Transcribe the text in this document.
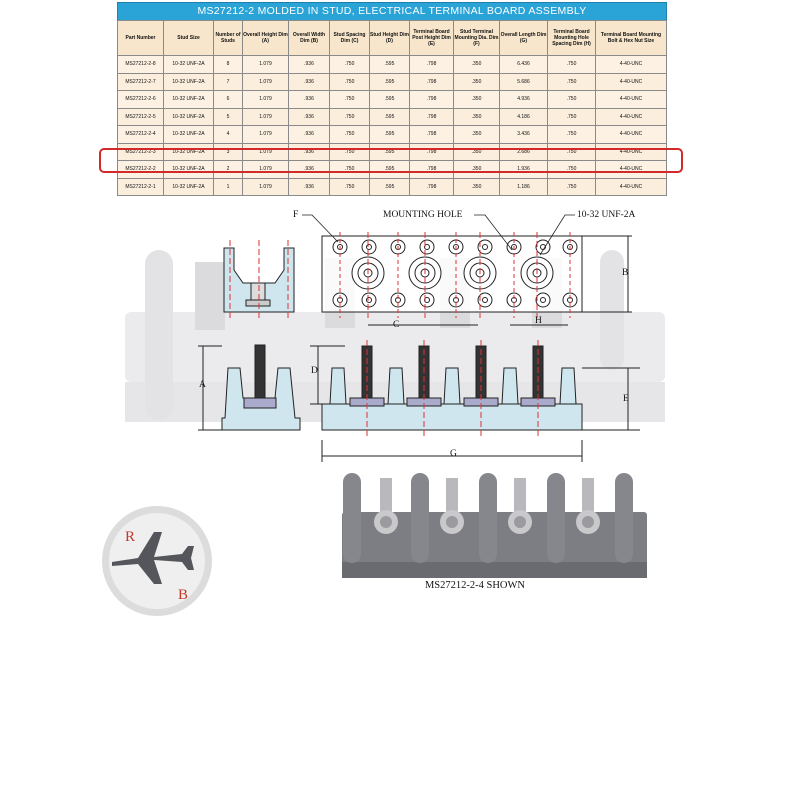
MS27212-2 MOLDED IN STUD, ELECTRICAL TERMINAL BOARD ASSEMBLY
Part Number	Stud Size	Number of Studs	Overall Height Dim (A)	Overall Width Dim (B)	Stud Spacing Dim (C)	Stud Height Dim (D)	Terminal Board Post Height Dim (E)	Stud Terminal Mounting Dia. Dim (F)	Overall Length Dim (G)	Terminal Board Mounting Hole Spacing Dim (H)	Terminal Board Mounting Bolt & Hex Nut Size
MS27212-2-8	10-32 UNF-2A	8	1.079	.936	.750	.595	.798	.350	6.436	.750	4-40-UNC
MS27212-2-7	10-32 UNF-2A	7	1.079	.936	.750	.595	.798	.350	5.686	.750	4-40-UNC
MS27212-2-6	10-32 UNF-2A	6	1.079	.936	.750	.595	.798	.350	4.936	.750	4-40-UNC
MS27212-2-5	10-32 UNF-2A	5	1.079	.936	.750	.595	.798	.350	4.186	.750	4-40-UNC
MS27212-2-4	10-32 UNF-2A	4	1.079	.936	.750	.595	.798	.350	3.436	.750	4-40-UNC
MS27212-2-3	10-32 UNF-2A	3	1.079	.936	.750	.595	.798	.350	2.686	.750	4-40-UNC
MS27212-2-2	10-32 UNF-2A	2	1.079	.936	.750	.595	.798	.350	1.936	.750	4-40-UNC
MS27212-2-1	10-32 UNF-2A	1	1.079	.936	.750	.595	.798	.350	1.186	.750	4-40-UNC
F	MOUNTING HOLE	10-32 UNF-2A
A
B
C
D
E
G
H
MS27212-2-4 SHOWN
R
B
